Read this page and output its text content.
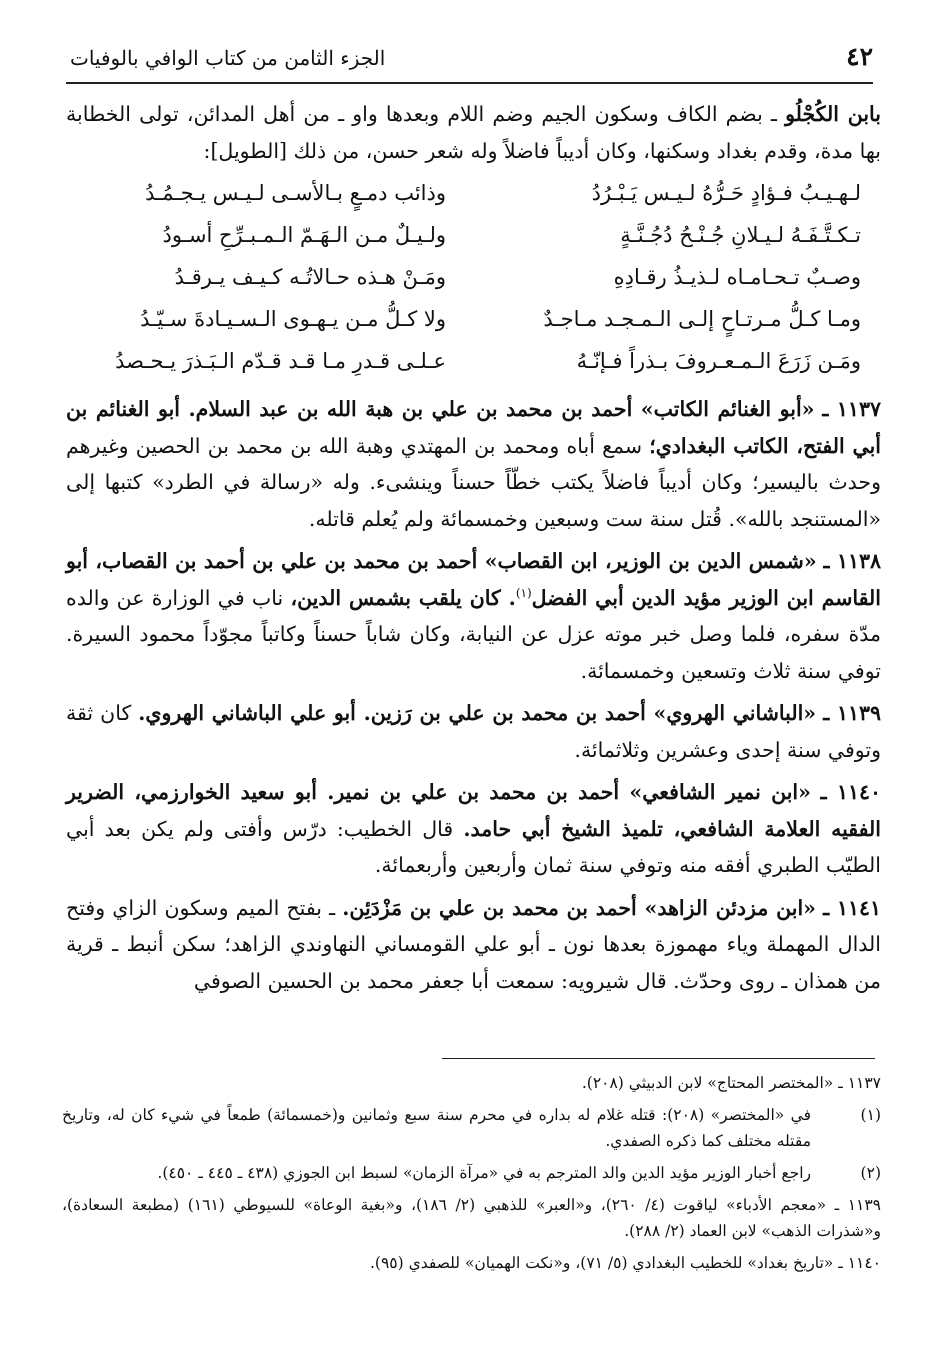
٤٢
الجزء الثامن من كتاب الوافي بالوفيات

بابن الكُجْلُو ـ بضم الكاف وسكون الجيم وضم اللام وبعدها واو ـ من أهل المدائن، تولى الخطابة بها مدة، وقدم بغداد وسكنها، وكان أديباً فاضلاً وله شعر حسن، من ذلك [الطويل]:

لـهـيـبُ فـؤادٍ حَـرُّهُ لـيـس يَـبْـرُدُ
وذائب دمـعٍ بـالأسـى لـيـس يـجـمُـدُ
تـكـتَّـفَـهُ لـيـلانِ جُـنْـحُ دُجُـنَّـةٍ
ولـيـلٌ مـن الـهَـمّ الـمـبـرِّحِ أسـودُ
وصـبٌ تـحـامـاه لـذيـذُ رقـادِهِ
ومَـنْ هـذه حـالاتُـه كـيـف يـرقـدُ
ومـا كـلُّ مـرتـاحٍ إلـى الـمـجـد مـاجـدٌ
ولا كـلُّ مـن يـهـوى الـسـيـادةَ سـيّـدُ
ومَـن زَرَعَ الـمـعـروفَ بـذراً فـإنّـهُ
عـلـى قـدرِ مـا قـد قـدّم الـبَـذرَ يـحـصدُ

١١٣٧ ـ «أبو الغنائم الكاتب» أحمد بن محمد بن علي بن هبة الله بن عبد السلام. أبو الغنائم بن أبي الفتح، الكاتب البغدادي؛ سمع أباه ومحمد بن المهتدي وهبة الله بن محمد بن الحصين وغيرهم وحدث باليسير؛ وكان أديباً فاضلاً يكتب خطّاً حسناً وينشىء. وله «رسالة في الطرد» كتبها إلى «المستنجد بالله». قُتل سنة ست وسبعين وخمسمائة ولم يُعلم قاتله.

١١٣٨ ـ «شمس الدين بن الوزير، ابن القصاب» أحمد بن محمد بن علي بن أحمد بن القصاب، أبو القاسم ابن الوزير مؤيد الدين أبي الفضل$^{(١)}$. كان يلقب بشمس الدين، ناب في الوزارة عن والده مدّة سفره، فلما وصل خبر موته عزل عن النيابة، وكان شاباً حسناً وكاتباً مجوّداً محمود السيرة. توفي سنة ثلاث وتسعين وخمسمائة.

١١٣٩ ـ «الباشاني الهروي» أحمد بن محمد بن علي بن رَزين. أبو علي الباشاني الهروي. كان ثقة وتوفي سنة إحدى وعشرين وثلاثمائة.

١١٤٠ ـ «ابن نمير الشافعي» أحمد بن محمد بن علي بن نمير. أبو سعيد الخوارزمي، الضرير الفقيه العلامة الشافعي، تلميذ الشيخ أبي حامد. قال الخطيب: درّس وأفتى ولم يكن بعد أبي الطيّب الطبري أفقه منه وتوفي سنة ثمان وأربعين وأربعمائة.

١١٤١ ـ «ابن مزدئن الزاهد» أحمد بن محمد بن علي بن مَزْدَئِن. ـ بفتح الميم وسكون الزاي وفتح الدال المهملة وياء مهموزة بعدها نون ـ أبو علي القومساني النهاوندي الزاهد؛ سكن أنبط ـ قرية من همذان ـ روى وحدّث. قال شيرويه: سمعت أبا جعفر محمد بن الحسين الصوفي

١١٣٧ ـ «المختصر المحتاج» لابن الدبيثي (٢٠٨).
(١)
في «المختصر» (٢٠٨): قتله غلام له بداره في محرم سنة سبع وثمانين و(خمسمائة) طمعاً في شيء كان له، وتاريخ مقتله مختلف كما ذكره الصفدي.
(٢)
راجع أخبار الوزير مؤيد الدين والد المترجم به في «مرآة الزمان» لسبط ابن الجوزي (٤٣٨ ـ ٤٤٥ ـ ٤٥٠).
١١٣٩ ـ «معجم الأدباء» لياقوت (٤/ ٢٦٠)، و«العبر» للذهبي (٢/ ١٨٦)، و«بغية الوعاة» للسيوطي (١٦١) (مطبعة السعادة)، و«شذرات الذهب» لابن العماد (٢/ ٢٨٨).
١١٤٠ ـ «تاريخ بغداد» للخطيب البغدادي (٥/ ٧١)، و«نكت الهميان» للصفدي (٩٥).
